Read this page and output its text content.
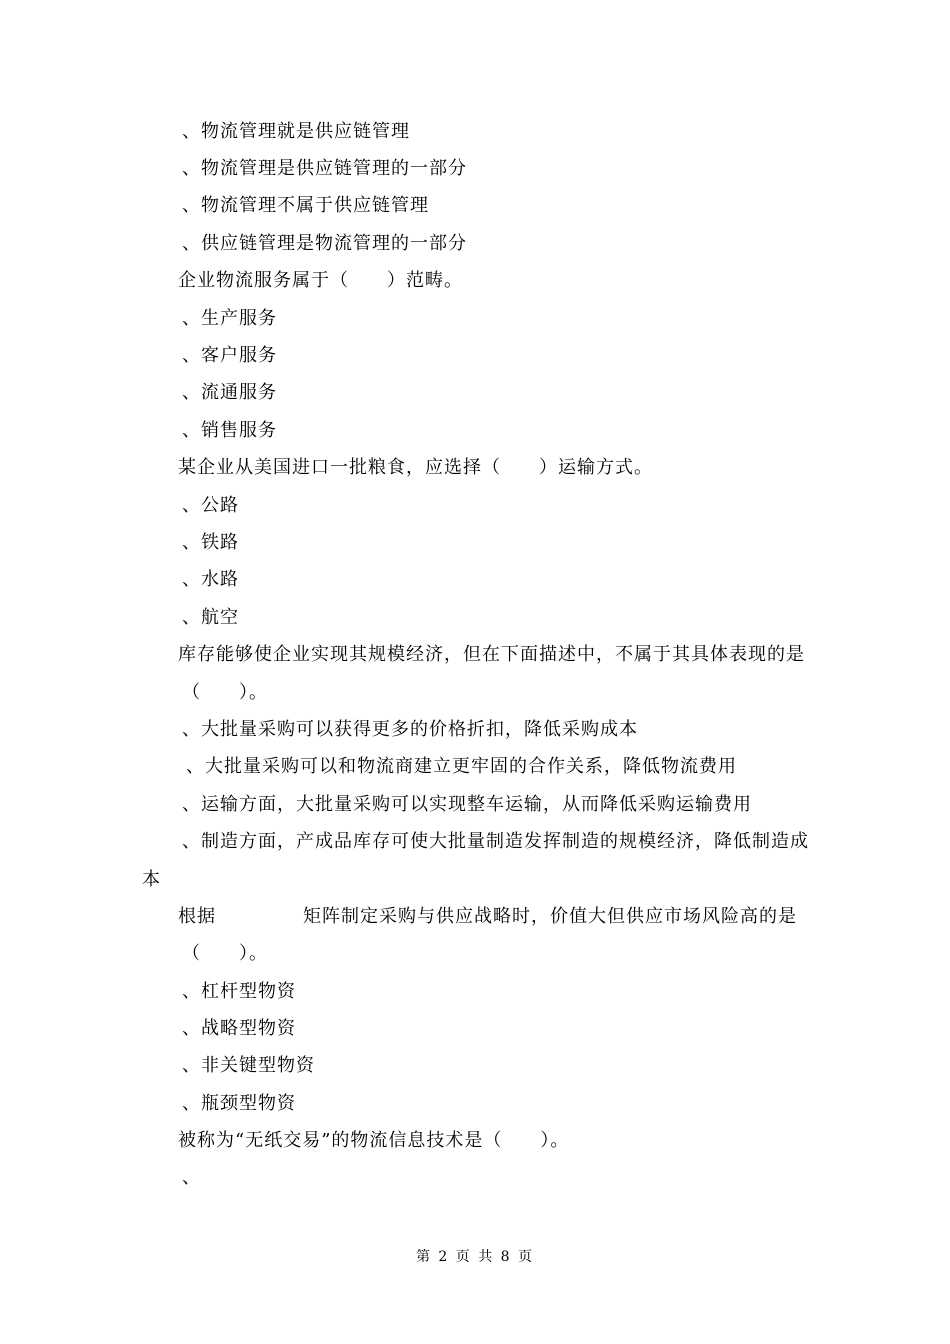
、物流管理就是供应链管理
、物流管理是供应链管理的一部分
、物流管理不属于供应链管理
、供应链管理是物流管理的一部分
企业物流服务属于（　　）范畴。
、生产服务
、客户服务
、流通服务
、销售服务
某企业从美国进口一批粮食，应选择（　　）运输方式。
、公路
、铁路
、水路
、航空
库存能够使企业实现其规模经济，但在下面描述中，不属于其具体表现的是
（　　）。
、大批量采购可以获得更多的价格折扣，降低采购成本
、大批量采购可以和物流商建立更牢固的合作关系，降低物流费用
、运输方面，大批量采购可以实现整车运输，从而降低采购运输费用
、制造方面，产成品库存可使大批量制造发挥制造的规模经济，降低制造成
本
根据	矩阵制定采购与供应战略时，价值大但供应市场风险高的是
（　　）。
、杠杆型物资
、战略型物资
、非关键型物资
、瓶颈型物资
被称为“无纸交易”的物流信息技术是（　　）。
、
第 2 页 共 8 页
